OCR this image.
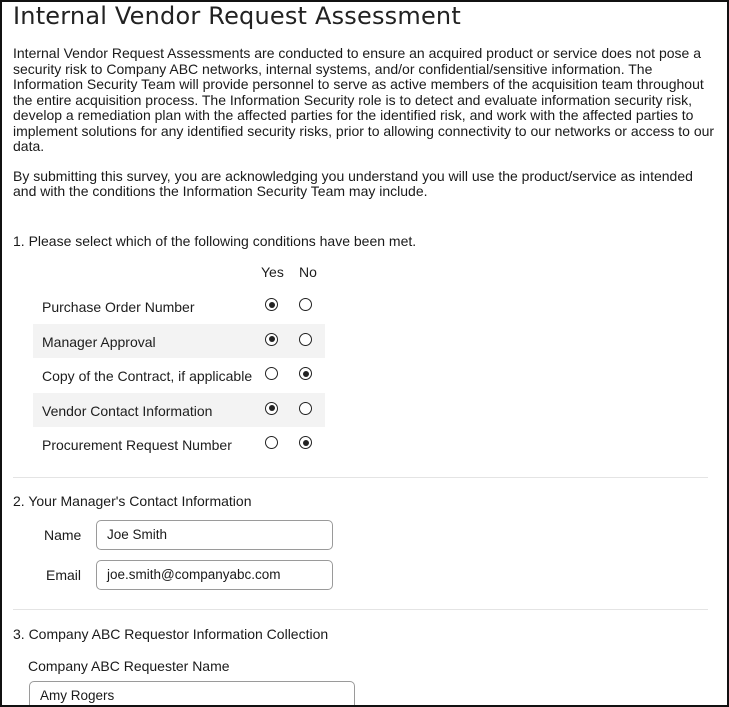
Internal Vendor Request Assessment

Internal Vendor Request Assessments are conducted to ensure an acquired product or service does not pose a security risk to Company ABC networks, internal systems, and/or confidential/sensitive information. The Information Security Team will provide personnel to serve as active members of the acquisition team throughout the entire acquisition process. The Information Security role is to detect and evaluate information security risk, develop a remediation plan with the affected parties for the identified risk, and work with the affected parties to implement solutions for any identified security risks, prior to allowing connectivity to our networks or access to our data.

By submitting this survey, you are acknowledging you understand you will use the product/service as intended and with the conditions the Information Security Team may include.

1. Please select which of the following conditions have been met.
Yes No
Purchase Order Number
Manager Approval
Copy of the Contract, if applicable
Vendor Contact Information
Procurement Request Number
2. Your Manager's Contact Information
Name	Joe Smith
Email	joe.smith@companyabc.com
3. Company ABC Requestor Information Collection
Company ABC Requester Name
Amy Rogers
